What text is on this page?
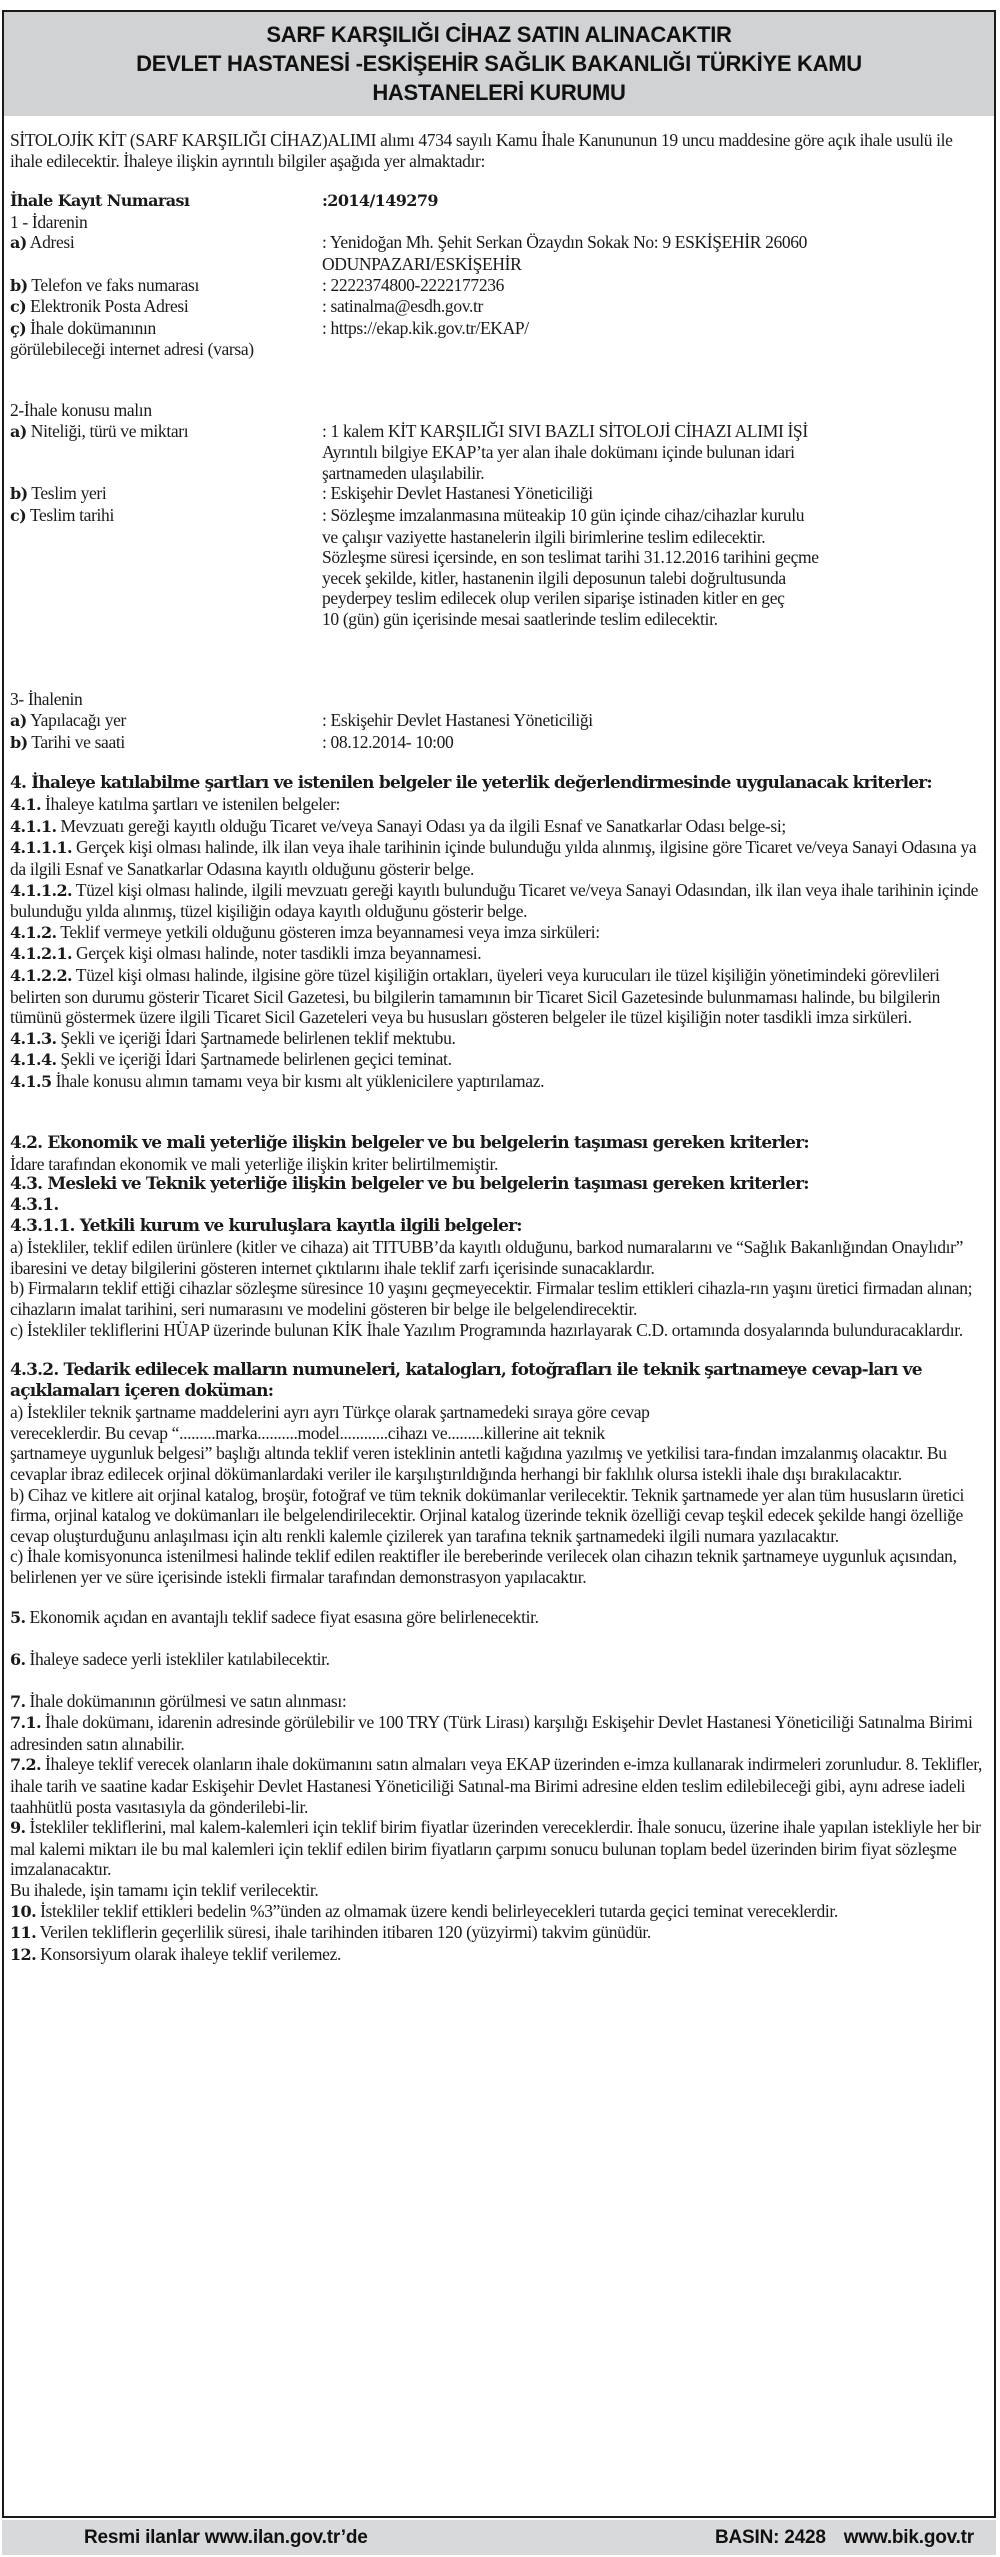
SARF KARŞILIĞI CİHAZ SATIN ALINACAKTIR
DEVLET HASTANESİ -ESKİŞEHİR SAĞLIK BAKANLIĞI TÜRKİYE KAMU
HASTANELERİ KURUMU

SİTOLOJİK KİT (SARF KARŞILIĞI CİHAZ)ALIMI alımı 4734 sayılı Kamu İhale Kanununun 19 uncu maddesine göre açık ihale usulü ile ihale edilecektir. İhaleye ilişkin ayrıntılı bilgiler aşağıda yer almaktadır:

İhale Kayıt Numarası	:2014/149279
1 - İdarenin
a) Adresi	: Yenidoğan Mh. Şehit Serkan Özaydın Sokak No: 9 ESKİŞEHİR 26060
ODUNPAZARI/ESKİŞEHİR
b) Telefon ve faks numarası	: 2222374800-2222177236
c) Elektronik Posta Adresi	: satinalma@esdh.gov.tr
ç) İhale dokümanının	: https://ekap.kik.gov.tr/EKAP/
görülebileceği internet adresi (varsa)
2-İhale konusu malın
a) Niteliği, türü ve miktarı	: 1 kalem KİT KARŞILIĞI SIVI BAZLI SİTOLOJİ CİHAZI ALIMI İŞİ
Ayrıntılı bilgiye EKAP’ta yer alan ihale dokümanı içinde bulunan idari
şartnameden ulaşılabilir.
b) Teslim yeri	: Eskişehir Devlet Hastanesi Yöneticiliği
c) Teslim tarihi	: Sözleşme imzalanmasına müteakip 10 gün içinde cihaz/cihazlar kurulu
ve çalışır vaziyette hastanelerin ilgili birimlerine teslim edilecektir.
Sözleşme süresi içersinde, en son teslimat tarihi 31.12.2016 tarihini geçme
yecek şekilde, kitler, hastanenin ilgili deposunun talebi doğrultusunda
peyderpey teslim edilecek olup verilen siparişe istinaden kitler en geç
10 (gün) gün içerisinde mesai saatlerinde teslim edilecektir.
3- İhalenin
a) Yapılacağı yer	: Eskişehir Devlet Hastanesi Yöneticiliği
b) Tarihi ve saati	: 08.12.2014- 10:00
4. İhaleye katılabilme şartları ve istenilen belgeler ile yeterlik değerlendirmesinde uygulanacak kriterler:

4.1. İhaleye katılma şartları ve istenilen belgeler:

4.1.1. Mevzuatı gereği kayıtlı olduğu Ticaret ve/veya Sanayi Odası ya da ilgili Esnaf ve Sanatkarlar Odası belge-si;

4.1.1.1. Gerçek kişi olması halinde, ilk ilan veya ihale tarihinin içinde bulunduğu yılda alınmış, ilgisine göre Ticaret ve/veya Sanayi Odasına ya da ilgili Esnaf ve Sanatkarlar Odasına kayıtlı olduğunu gösterir belge.

4.1.1.2. Tüzel kişi olması halinde, ilgili mevzuatı gereği kayıtlı bulunduğu Ticaret ve/veya Sanayi Odasından, ilk ilan veya ihale tarihinin içinde bulunduğu yılda alınmış, tüzel kişiliğin odaya kayıtlı olduğunu gösterir belge.

4.1.2. Teklif vermeye yetkili olduğunu gösteren imza beyannamesi veya imza sirküleri:

4.1.2.1. Gerçek kişi olması halinde, noter tasdikli imza beyannamesi.

4.1.2.2. Tüzel kişi olması halinde, ilgisine göre tüzel kişiliğin ortakları, üyeleri veya kurucuları ile tüzel kişiliğin yönetimindeki görevlileri belirten son durumu gösterir Ticaret Sicil Gazetesi, bu bilgilerin tamamının bir Ticaret Sicil Gazetesinde bulunmaması halinde, bu bilgilerin tümünü göstermek üzere ilgili Ticaret Sicil Gazeteleri veya bu hususları gösteren belgeler ile tüzel kişiliğin noter tasdikli imza sirküleri.

4.1.3. Şekli ve içeriği İdari Şartnamede belirlenen teklif mektubu.

4.1.4. Şekli ve içeriği İdari Şartnamede belirlenen geçici teminat.

4.1.5 İhale konusu alımın tamamı veya bir kısmı alt yüklenicilere yaptırılamaz.

4.2. Ekonomik ve mali yeterliğe ilişkin belgeler ve bu belgelerin taşıması gereken kriterler:

İdare tarafından ekonomik ve mali yeterliğe ilişkin kriter belirtilmemiştir.

4.3. Mesleki ve Teknik yeterliğe ilişkin belgeler ve bu belgelerin taşıması gereken kriterler:
4.3.1.
4.3.1.1. Yetkili kurum ve kuruluşlara kayıtla ilgili belgeler:

a) İstekliler, teklif edilen ürünlere (kitler ve cihaza) ait TITUBB’da kayıtlı olduğunu, barkod numaralarını ve “Sağlık Bakanlığından Onaylıdır” ibaresini ve detay bilgilerini gösteren internet çıktılarını ihale teklif zarfı içerisinde sunacaklardır.

b) Firmaların teklif ettiği cihazlar sözleşme süresince 10 yaşını geçmeyecektir. Firmalar teslim ettikleri cihazla-rın yaşını üretici firmadan alınan; cihazların imalat tarihini, seri numarasını ve modelini gösteren bir belge ile belgelendirecektir.

c) İstekliler tekliflerini HÜAP üzerinde bulunan KİK İhale Yazılım Programında hazırlayarak C.D. ortamında dosyalarında bulunduracaklardır.

4.3.2. Tedarik edilecek malların numuneleri, katalogları, fotoğrafları ile teknik şartnameye cevap-ları ve açıklamaları içeren doküman:

a) İstekliler teknik şartname maddelerini ayrı ayrı Türkçe olarak şartnamedeki sıraya göre cevap

vereceklerdir. Bu cevap “.........marka..........model............cihazı ve.........killerine ait teknik

şartnameye uygunluk belgesi” başlığı altında teklif veren isteklinin antetli kağıdına yazılmış ve yetkilisi tara-fından imzalanmış olacaktır. Bu cevaplar ibraz edilecek orjinal dökümanlardaki veriler ile karşılıştırıldığında herhangi bir faklılık olursa istekli ihale dışı bırakılacaktır.

b) Cihaz ve kitlere ait orjinal katalog, broşür, fotoğraf ve tüm teknik dokümanlar verilecektir. Teknik şartnamede yer alan tüm hususların üretici firma, orjinal katalog ve dokümanları ile belgelendirilecektir. Orjinal katalog üzerinde teknik özelliği cevap teşkil edecek şekilde hangi özelliğe cevap oluşturduğunu anlaşılması için altı renkli kalemle çizilerek yan tarafına teknik şartnamedeki ilgili numara yazılacaktır.

c) İhale komisyonunca istenilmesi halinde teklif edilen reaktifler ile bereberinde verilecek olan cihazın teknik şartnameye uygunluk açısından, belirlenen yer ve süre içerisinde istekli firmalar tarafından demonstrasyon yapılacaktır.

5. Ekonomik açıdan en avantajlı teklif sadece fiyat esasına göre belirlenecektir.

6. İhaleye sadece yerli istekliler katılabilecektir.

7. İhale dokümanının görülmesi ve satın alınması:

7.1. İhale dokümanı, idarenin adresinde görülebilir ve 100 TRY (Türk Lirası) karşılığı Eskişehir Devlet Hastanesi Yöneticiliği Satınalma Birimi adresinden satın alınabilir.

7.2. İhaleye teklif verecek olanların ihale dokümanını satın almaları veya EKAP üzerinden e-imza kullanarak indirmeleri zorunludur. 8. Teklifler, ihale tarih ve saatine kadar Eskişehir Devlet Hastanesi Yöneticiliği Satınal-ma Birimi adresine elden teslim edilebileceği gibi, aynı adrese iadeli taahhütlü posta vasıtasıyla da gönderilebi-lir.

9. İstekliler tekliflerini, mal kalem-kalemleri için teklif birim fiyatlar üzerinden vereceklerdir. İhale sonucu, üzerine ihale yapılan istekliyle her bir mal kalemi miktarı ile bu mal kalemleri için teklif edilen birim fiyatların çarpımı sonucu bulunan toplam bedel üzerinden birim fiyat sözleşme imzalanacaktır.

Bu ihalede, işin tamamı için teklif verilecektir.

10. İstekliler teklif ettikleri bedelin %3”ünden az olmamak üzere kendi belirleyecekleri tutarda geçici teminat vereceklerdir.

11. Verilen tekliflerin geçerlilik süresi, ihale tarihinden itibaren 120 (yüzyirmi) takvim günüdür.

12. Konsorsiyum olarak ihaleye teklif verilemez.

Resmi ilanlar www.ilan.gov.tr’de	BASIN: 2428 www.bik.gov.tr
